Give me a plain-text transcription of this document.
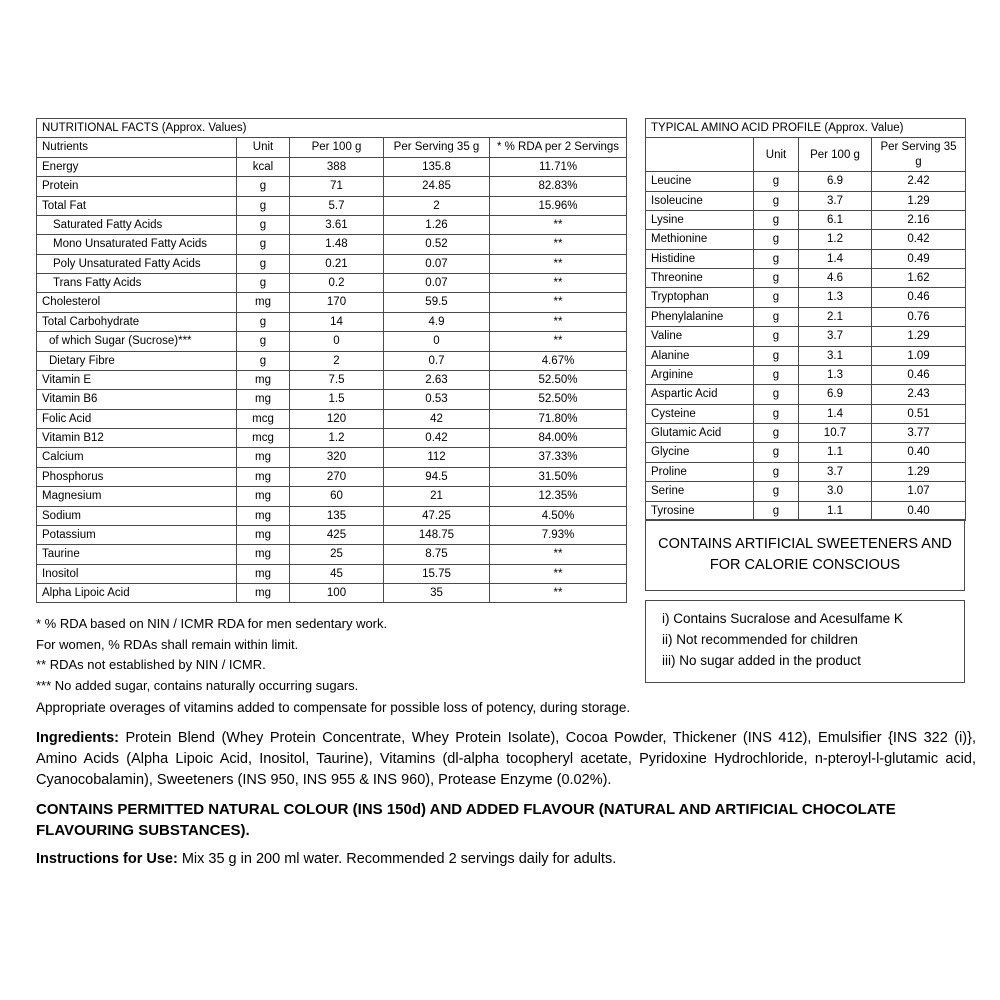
NUTRITIONAL FACTS (Approx. Values)				
Nutrients	Unit	Per 100 g	Per Serving 35 g	* % RDA per 2 Servings
Energy	kcal	388	135.8	11.71%
Protein	g	71	24.85	82.83%
Total Fat	g	5.7	2	15.96%
Saturated Fatty Acids	g	3.61	1.26	**
Mono Unsaturated Fatty Acids	g	1.48	0.52	**
Poly Unsaturated Fatty Acids	g	0.21	0.07	**
Trans Fatty Acids	g	0.2	0.07	**
Cholesterol	mg	170	59.5	**
Total Carbohydrate	g	14	4.9	**
of which Sugar (Sucrose)***	g	0	0	**
Dietary Fibre	g	2	0.7	4.67%
Vitamin E	mg	7.5	2.63	52.50%
Vitamin B6	mg	1.5	0.53	52.50%
Folic Acid	mcg	120	42	71.80%
Vitamin B12	mcg	1.2	0.42	84.00%
Calcium	mg	320	112	37.33%
Phosphorus	mg	270	94.5	31.50%
Magnesium	mg	60	21	12.35%
Sodium	mg	135	47.25	4.50%
Potassium	mg	425	148.75	7.93%
Taurine	mg	25	8.75	**
Inositol	mg	45	15.75	**
Alpha Lipoic Acid	mg	100	35	**
TYPICAL AMINO ACID PROFILE (Approx. Value)			
	Unit	Per 100 g	Per Serving 35 g
Leucine	g	6.9	2.42
Isoleucine	g	3.7	1.29
Lysine	g	6.1	2.16
Methionine	g	1.2	0.42
Histidine	g	1.4	0.49
Threonine	g	4.6	1.62
Tryptophan	g	1.3	0.46
Phenylalanine	g	2.1	0.76
Valine	g	3.7	1.29
Alanine	g	3.1	1.09
Arginine	g	1.3	0.46
Aspartic Acid	g	6.9	2.43
Cysteine	g	1.4	0.51
Glutamic Acid	g	10.7	3.77
Glycine	g	1.1	0.40
Proline	g	3.7	1.29
Serine	g	3.0	1.07
Tyrosine	g	1.1	0.40
CONTAINS ARTIFICIAL SWEETENERS AND
FOR CALORIE CONSCIOUS
i) Contains Sucralose and Acesulfame K
ii) Not recommended for children
iii) No sugar added in the product
* % RDA based on NIN / ICMR RDA for men sedentary work.
For women, % RDAs shall remain within limit.
** RDAs not established by NIN / ICMR.
*** No added sugar, contains naturally occurring sugars.
Appropriate overages of vitamins added to compensate for possible loss of potency, during storage.
Ingredients: Protein Blend (Whey Protein Concentrate, Whey Protein Isolate), Cocoa Powder, Thickener (INS 412), Emulsifier {INS 322 (i)}, Amino Acids (Alpha Lipoic Acid, Inositol, Taurine), Vitamins (dl-alpha tocopheryl acetate, Pyridoxine Hydrochloride, n-pteroyl-l-glutamic acid, Cyanocobalamin), Sweeteners (INS 950, INS 955 & INS 960), Protease Enzyme (0.02%).
CONTAINS PERMITTED NATURAL COLOUR (INS 150d) AND ADDED FLAVOUR (NATURAL AND ARTIFICIAL CHOCOLATE FLAVOURING SUBSTANCES).
Instructions for Use: Mix 35 g in 200 ml water. Recommended 2 servings daily for adults.
